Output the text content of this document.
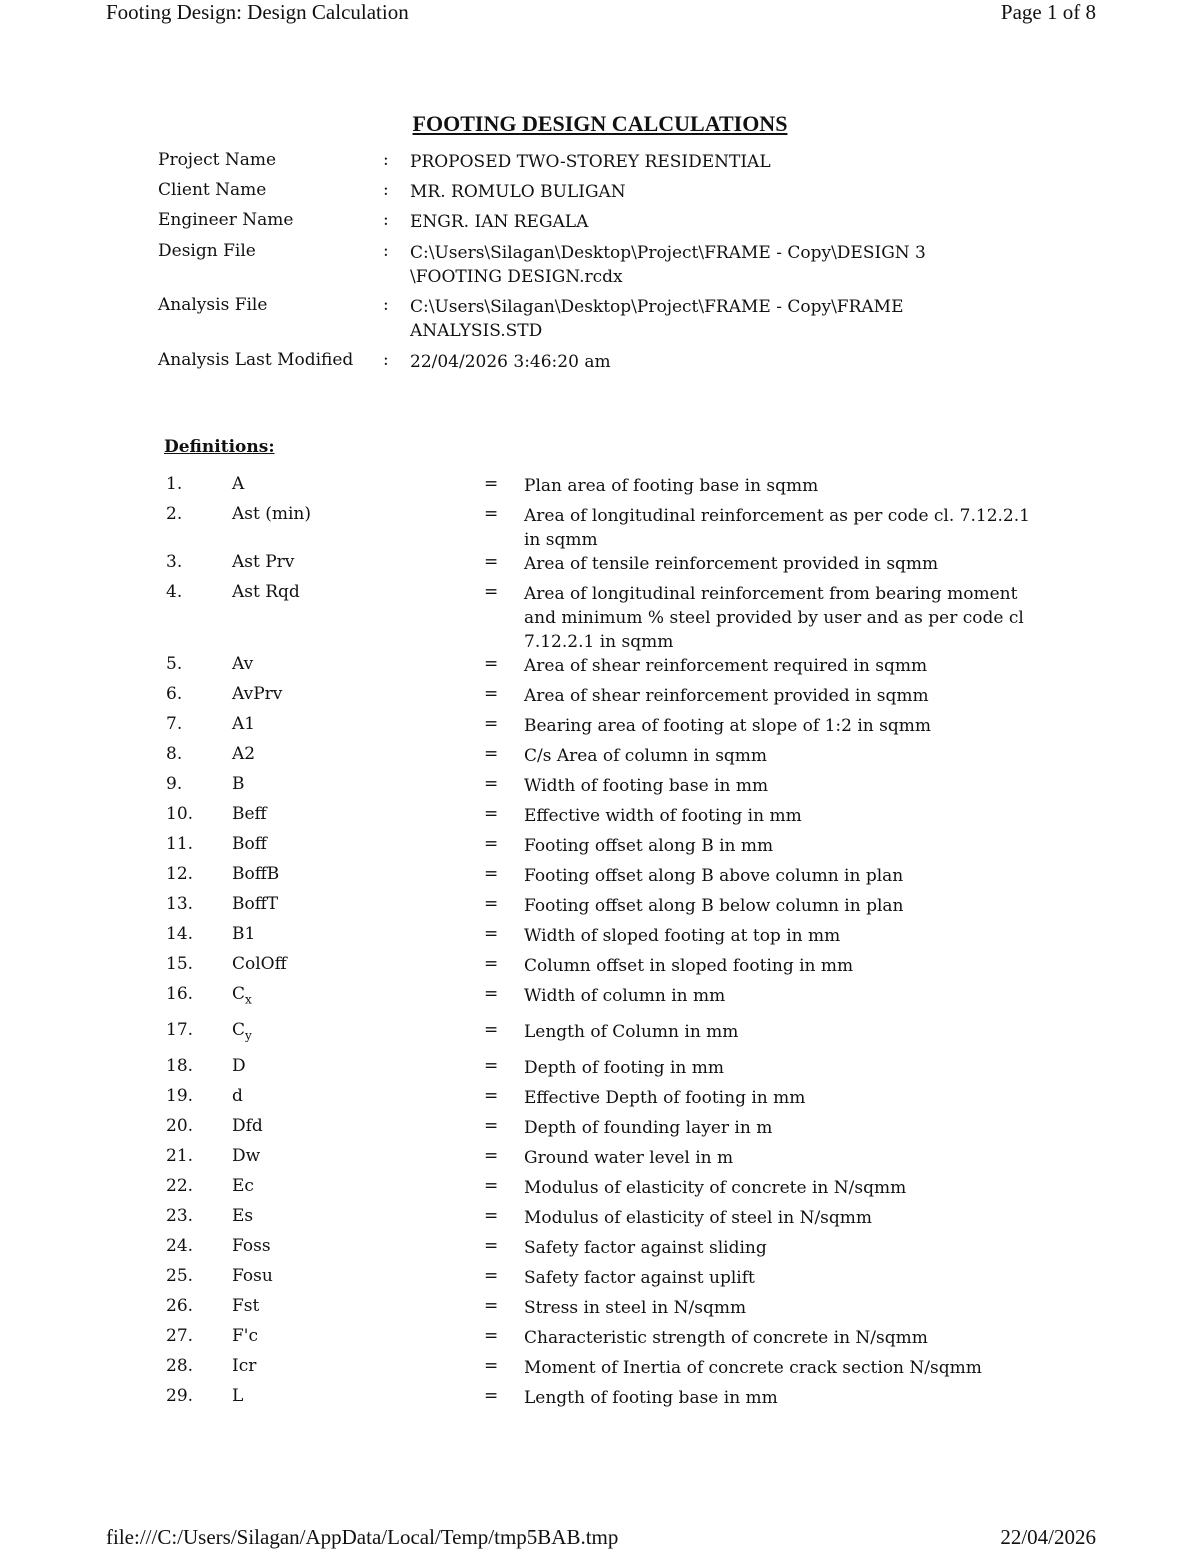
Footing Design: Design Calculation	Page 1 of 8
FOOTING DESIGN CALCULATIONS
Project Name	: PROPOSED TWO-STOREY RESIDENTIAL
Client Name	: MR. ROMULO BULIGAN
Engineer Name	: ENGR. IAN REGALA
Design File	: C:\Users\Silagan\Desktop\Project\FRAME - Copy\DESIGN 3 \FOOTING DESIGN.rcdx
Analysis File	: C:\Users\Silagan\Desktop\Project\FRAME - Copy\FRAME ANALYSIS.STD
Analysis Last Modified : 22/04/2026 3:46:20 am
Definitions:
1.	A	= Plan area of footing base in sqmm
2.	Ast (min)	= Area of longitudinal reinforcement as per code cl. 7.12.2.1 in sqmm
3.	Ast Prv	= Area of tensile reinforcement provided in sqmm
4.	Ast Rqd	= Area of longitudinal reinforcement from bearing moment and minimum % steel provided by user and as per code cl 7.12.2.1 in sqmm
5.	Av	= Area of shear reinforcement required in sqmm
6.	AvPrv	= Area of shear reinforcement provided in sqmm
7.	A1	= Bearing area of footing at slope of 1:2 in sqmm
8.	A2	= C/s Area of column in sqmm
9.	B	= Width of footing base in mm
10. Beff	= Effective width of footing in mm
11. Boff	= Footing offset along B in mm
12. BoffB	= Footing offset along B above column in plan
13. BoffT	= Footing offset along B below column in plan
14. B1	= Width of sloped footing at top in mm
15. ColOff	= Column offset in sloped footing in mm
16. $C_x$	= Width of column in mm
17. $C_y$	= Length of Column in mm
18. D	= Depth of footing in mm
19. d	= Effective Depth of footing in mm
20. Dfd	= Depth of founding layer in m
21. Dw	= Ground water level in m
22. Ec	= Modulus of elasticity of concrete in N/sqmm
23. Es	= Modulus of elasticity of steel in N/sqmm
24. Foss	= Safety factor against sliding
25. Fosu	= Safety factor against uplift
26. Fst	= Stress in steel in N/sqmm
27. F'c	= Characteristic strength of concrete in N/sqmm
28. Icr	= Moment of Inertia of concrete crack section N/sqmm
29. L	= Length of footing base in mm
file:///C:/Users/Silagan/AppData/Local/Temp/tmp5BAB.tmp	22/04/2026
